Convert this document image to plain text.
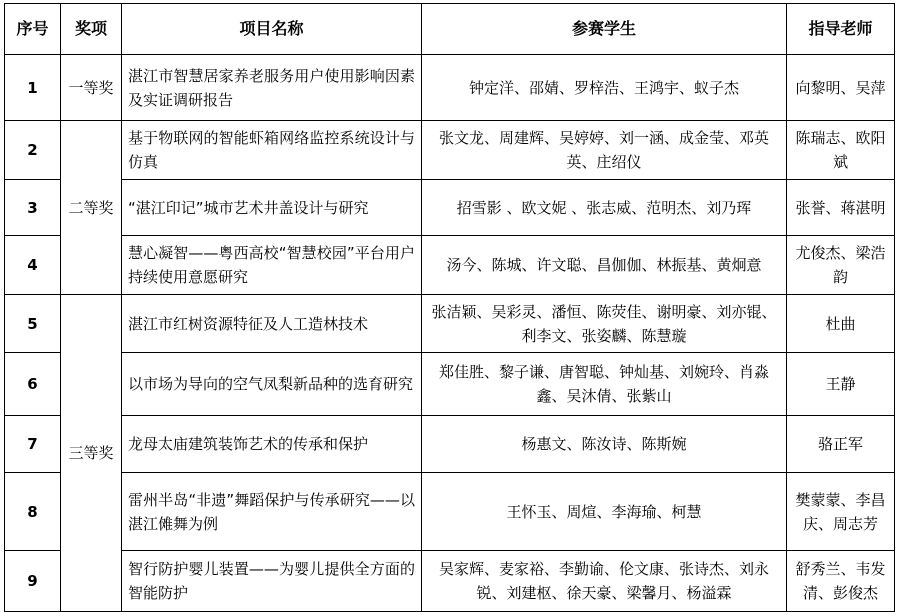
序号	奖项	项目名称	参赛学生	指导老师
1	一等奖	湛江市智慧居家养老服务用户使用影响因素及实证调研报告	钟定洋、邵婧、罗梓浩、王鸿宇、蚁子杰	向黎明、吴萍
2	二等奖	基于物联网的智能虾箱网络监控系统设计与仿真	张文龙、周建辉、吴婷婷、刘一涵、成金莹、邓英英、庄绍仪	陈瑞志、欧阳斌
3		“湛江印记”城市艺术井盖设计与研究	招雪影 、欧文妮 、张志威、范明杰、刘乃珲	张誉、蒋湛明
4		慧心凝智——粤西高校“智慧校园”平台用户持续使用意愿研究	汤今、陈城、许文聪、昌伽伽、林振基、黄炯意	尤俊杰、梁浩韵
5	三等奖	湛江市红树资源特征及人工造林技术	张洁颖、吴彩灵、潘恒、陈荧佳、谢明豪、刘亦锟、利李文、张姿麟、陈慧璇	杜曲
6		以市场为导向的空气凤梨新品种的选育研究	郑佳胜、黎子谦、唐智聪、钟灿基、刘婉玲、肖淼鑫、吴沐倩、张紫山	王静
7		龙母太庙建筑装饰艺术的传承和保护	杨惠文、陈汝诗、陈斯婉	骆正军
8		雷州半岛“非遗”舞蹈保护与传承研究——以湛江傩舞为例	王怀玉、周煊、李海瑜、柯慧	樊蒙蒙、李昌庆、周志芳
9		智行防护婴儿装置——为婴儿提供全方面的智能防护	吴家辉、麦家裕、李勤谕、伦文康、张诗杰、刘永锐、刘建枢、徐天豪、梁馨月、杨溢霖	舒秀兰、韦发清、彭俊杰
